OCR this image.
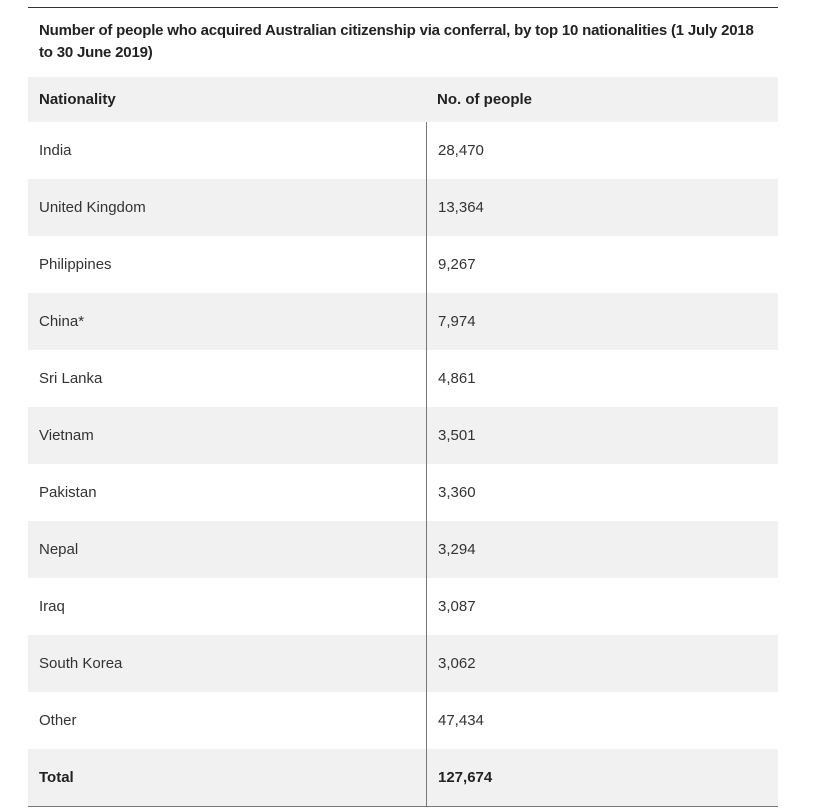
Number of people who acquired Australian citizenship via conferral, by top 10 nationalities (1 July 2018 to 30 June 2019)
Nationality	No. of people
India	28,470
United Kingdom	13,364
Philippines	9,267
China*	7,974
Sri Lanka	4,861
Vietnam	3,501
Pakistan	3,360
Nepal	3,294
Iraq	3,087
South Korea	3,062
Other	47,434
Total	127,674
